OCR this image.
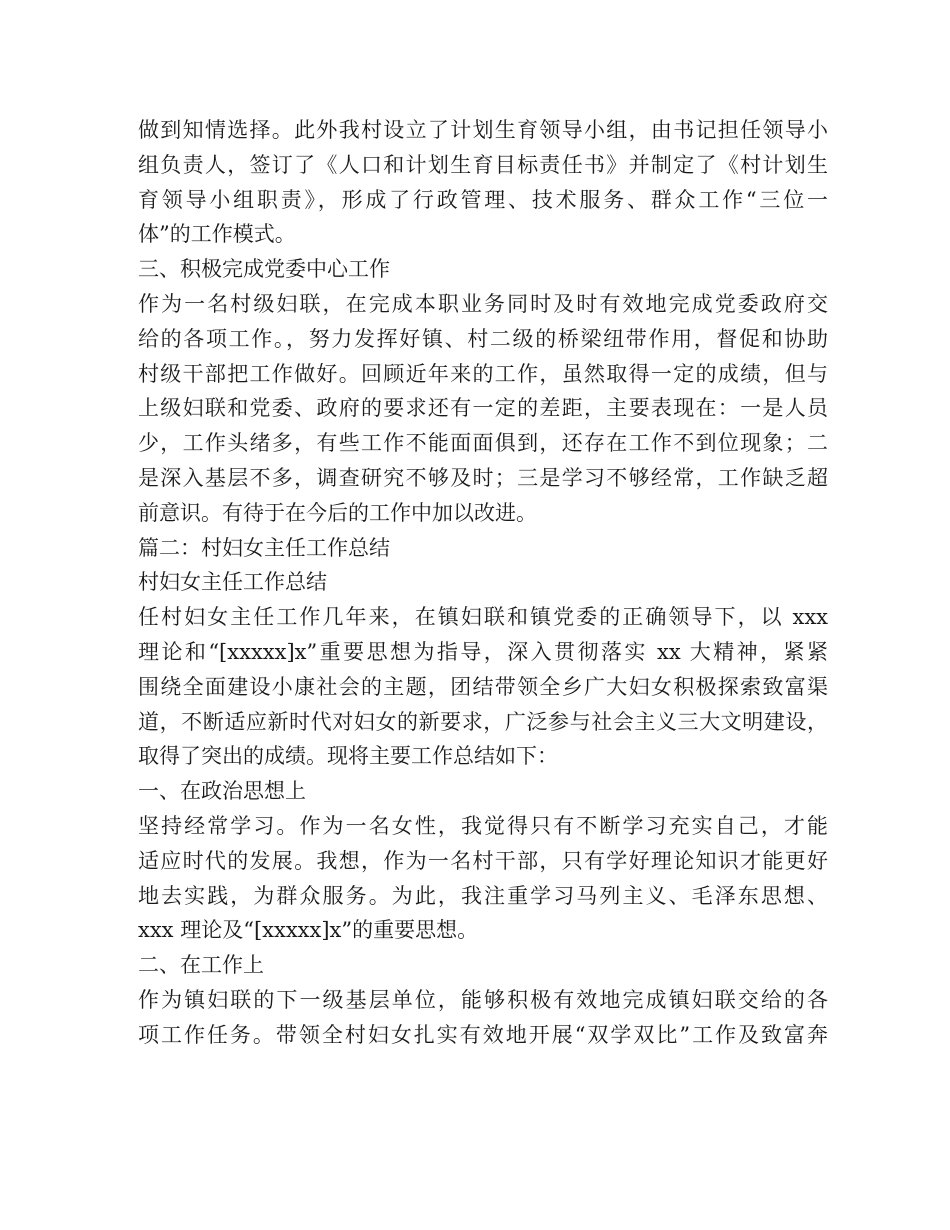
做到知情选择。此外我村设立了计划生育领导小组，由书记担任领导小
组负责人，签订了《人口和计划生育目标责任书》并制定了《村计划生
育领导小组职责》，形成了行政管理、技术服务、群众工作“三位一
体”的工作模式。
三、积极完成党委中心工作
作为一名村级妇联，在完成本职业务同时及时有效地完成党委政府交
给的各项工作。，努力发挥好镇、村二级的桥梁纽带作用，督促和协助
村级干部把工作做好。回顾近年来的工作，虽然取得一定的成绩，但与
上级妇联和党委、政府的要求还有一定的差距，主要表现在：一是人员
少，工作头绪多，有些工作不能面面俱到，还存在工作不到位现象；二
是深入基层不多，调查研究不够及时；三是学习不够经常，工作缺乏超
前意识。有待于在今后的工作中加以改进。
篇二：村妇女主任工作总结
村妇女主任工作总结
任村妇女主任工作几年来，在镇妇联和镇党委的正确领导下，以 xxx
理论和“[xxxxx]x”重要思想为指导，深入贯彻落实 xx 大精神，紧紧
围绕全面建设小康社会的主题，团结带领全乡广大妇女积极探索致富渠
道，不断适应新时代对妇女的新要求，广泛参与社会主义三大文明建设，
取得了突出的成绩。现将主要工作总结如下：
一、在政治思想上
坚持经常学习。作为一名女性，我觉得只有不断学习充实自己，才能
适应时代的发展。我想，作为一名村干部，只有学好理论知识才能更好
地去实践，为群众服务。为此，我注重学习马列主义、毛泽东思想、
xxx 理论及“[xxxxx]x”的重要思想。
二、在工作上
作为镇妇联的下一级基层单位，能够积极有效地完成镇妇联交给的各
项工作任务。带领全村妇女扎实有效地开展“双学双比”工作及致富奔
